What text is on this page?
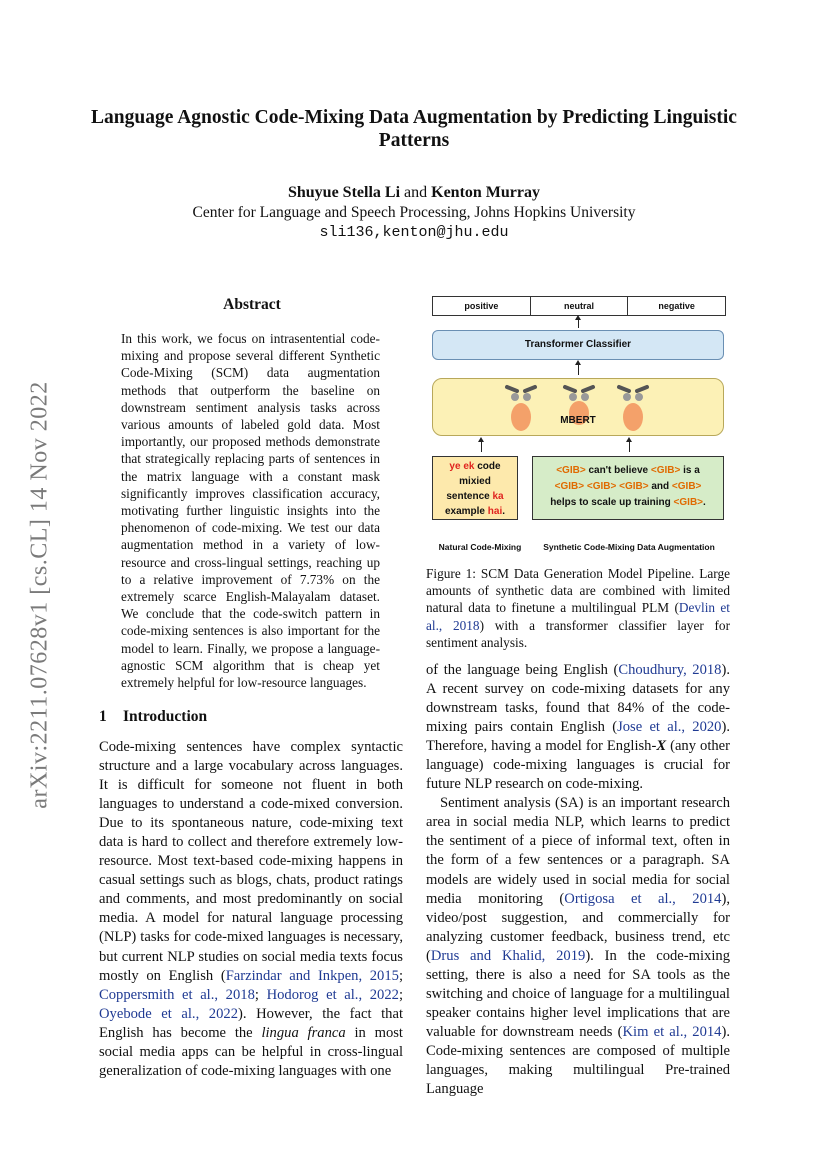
arXiv:2211.07628v1 [cs.CL] 14 Nov 2022
Language Agnostic Code-Mixing Data Augmentation by Predicting Linguistic Patterns
Shuyue Stella Li and Kenton Murray
Center for Language and Speech Processing, Johns Hopkins University
sli136,kenton@jhu.edu
Abstract
In this work, we focus on intrasentential code-mixing and propose several different Synthetic Code-Mixing (SCM) data augmentation methods that outperform the baseline on downstream sentiment analysis tasks across various amounts of labeled gold data. Most importantly, our proposed methods demonstrate that strategically replacing parts of sentences in the matrix language with a constant mask significantly improves classification accuracy, motivating further linguistic insights into the phenomenon of code-mixing. We test our data augmentation method in a variety of low-resource and cross-lingual settings, reaching up to a relative improvement of 7.73% on the extremely scarce English-Malayalam dataset. We conclude that the code-switch pattern in code-mixing sentences is also important for the model to learn. Finally, we propose a language-agnostic SCM algorithm that is cheap yet extremely helpful for low-resource languages.
1 Introduction

Code-mixing sentences have complex syntactic structure and a large vocabulary across languages. It is difficult for someone not fluent in both languages to understand a code-mixed conversion. Due to its spontaneous nature, code-mixing text data is hard to collect and therefore extremely low-resource. Most text-based code-mixing happens in casual settings such as blogs, chats, product ratings and comments, and most predominantly on social media. A model for natural language processing (NLP) tasks for code-mixed languages is necessary, but current NLP studies on social media texts focus mostly on English (Farzindar and Inkpen, 2015; Coppersmith et al., 2018; Hodorog et al., 2022; Oyebode et al., 2022). However, the fact that English has become the lingua franca in most social media apps can be helpful in cross-lingual generalization of code-mixing languages with one

positive	neutral	negative
Transformer Classifier
MBERT
ye ek code
mixied
sentence ka
example hai.
<GIB> can't believe <GIB> is a
<GIB> <GIB> <GIB> and <GIB>
helps to scale up training <GIB>.
Natural Code-Mixing	Synthetic Code-Mixing Data Augmentation
Figure 1: SCM Data Generation Model Pipeline. Large amounts of synthetic data are combined with limited natural data to finetune a multilingual PLM (Devlin et al., 2018) with a transformer classifier layer for sentiment analysis.

of the language being English (Choudhury, 2018). A recent survey on code-mixing datasets for any downstream tasks, found that 84% of the code-mixing pairs contain English (Jose et al., 2020). Therefore, having a model for English-X (any other language) code-mixing languages is crucial for future NLP research on code-mixing.

Sentiment analysis (SA) is an important research area in social media NLP, which learns to predict the sentiment of a piece of informal text, often in the form of a few sentences or a paragraph. SA models are widely used in social media for social media monitoring (Ortigosa et al., 2014), video/post suggestion, and commercially for analyzing customer feedback, business trend, etc (Drus and Khalid, 2019). In the code-mixing setting, there is also a need for SA tools as the switching and choice of language for a multilingual speaker contains higher level implications that are valuable for downstream needs (Kim et al., 2014). Code-mixing sentences are composed of multiple languages, making multilingual Pre-trained Language
